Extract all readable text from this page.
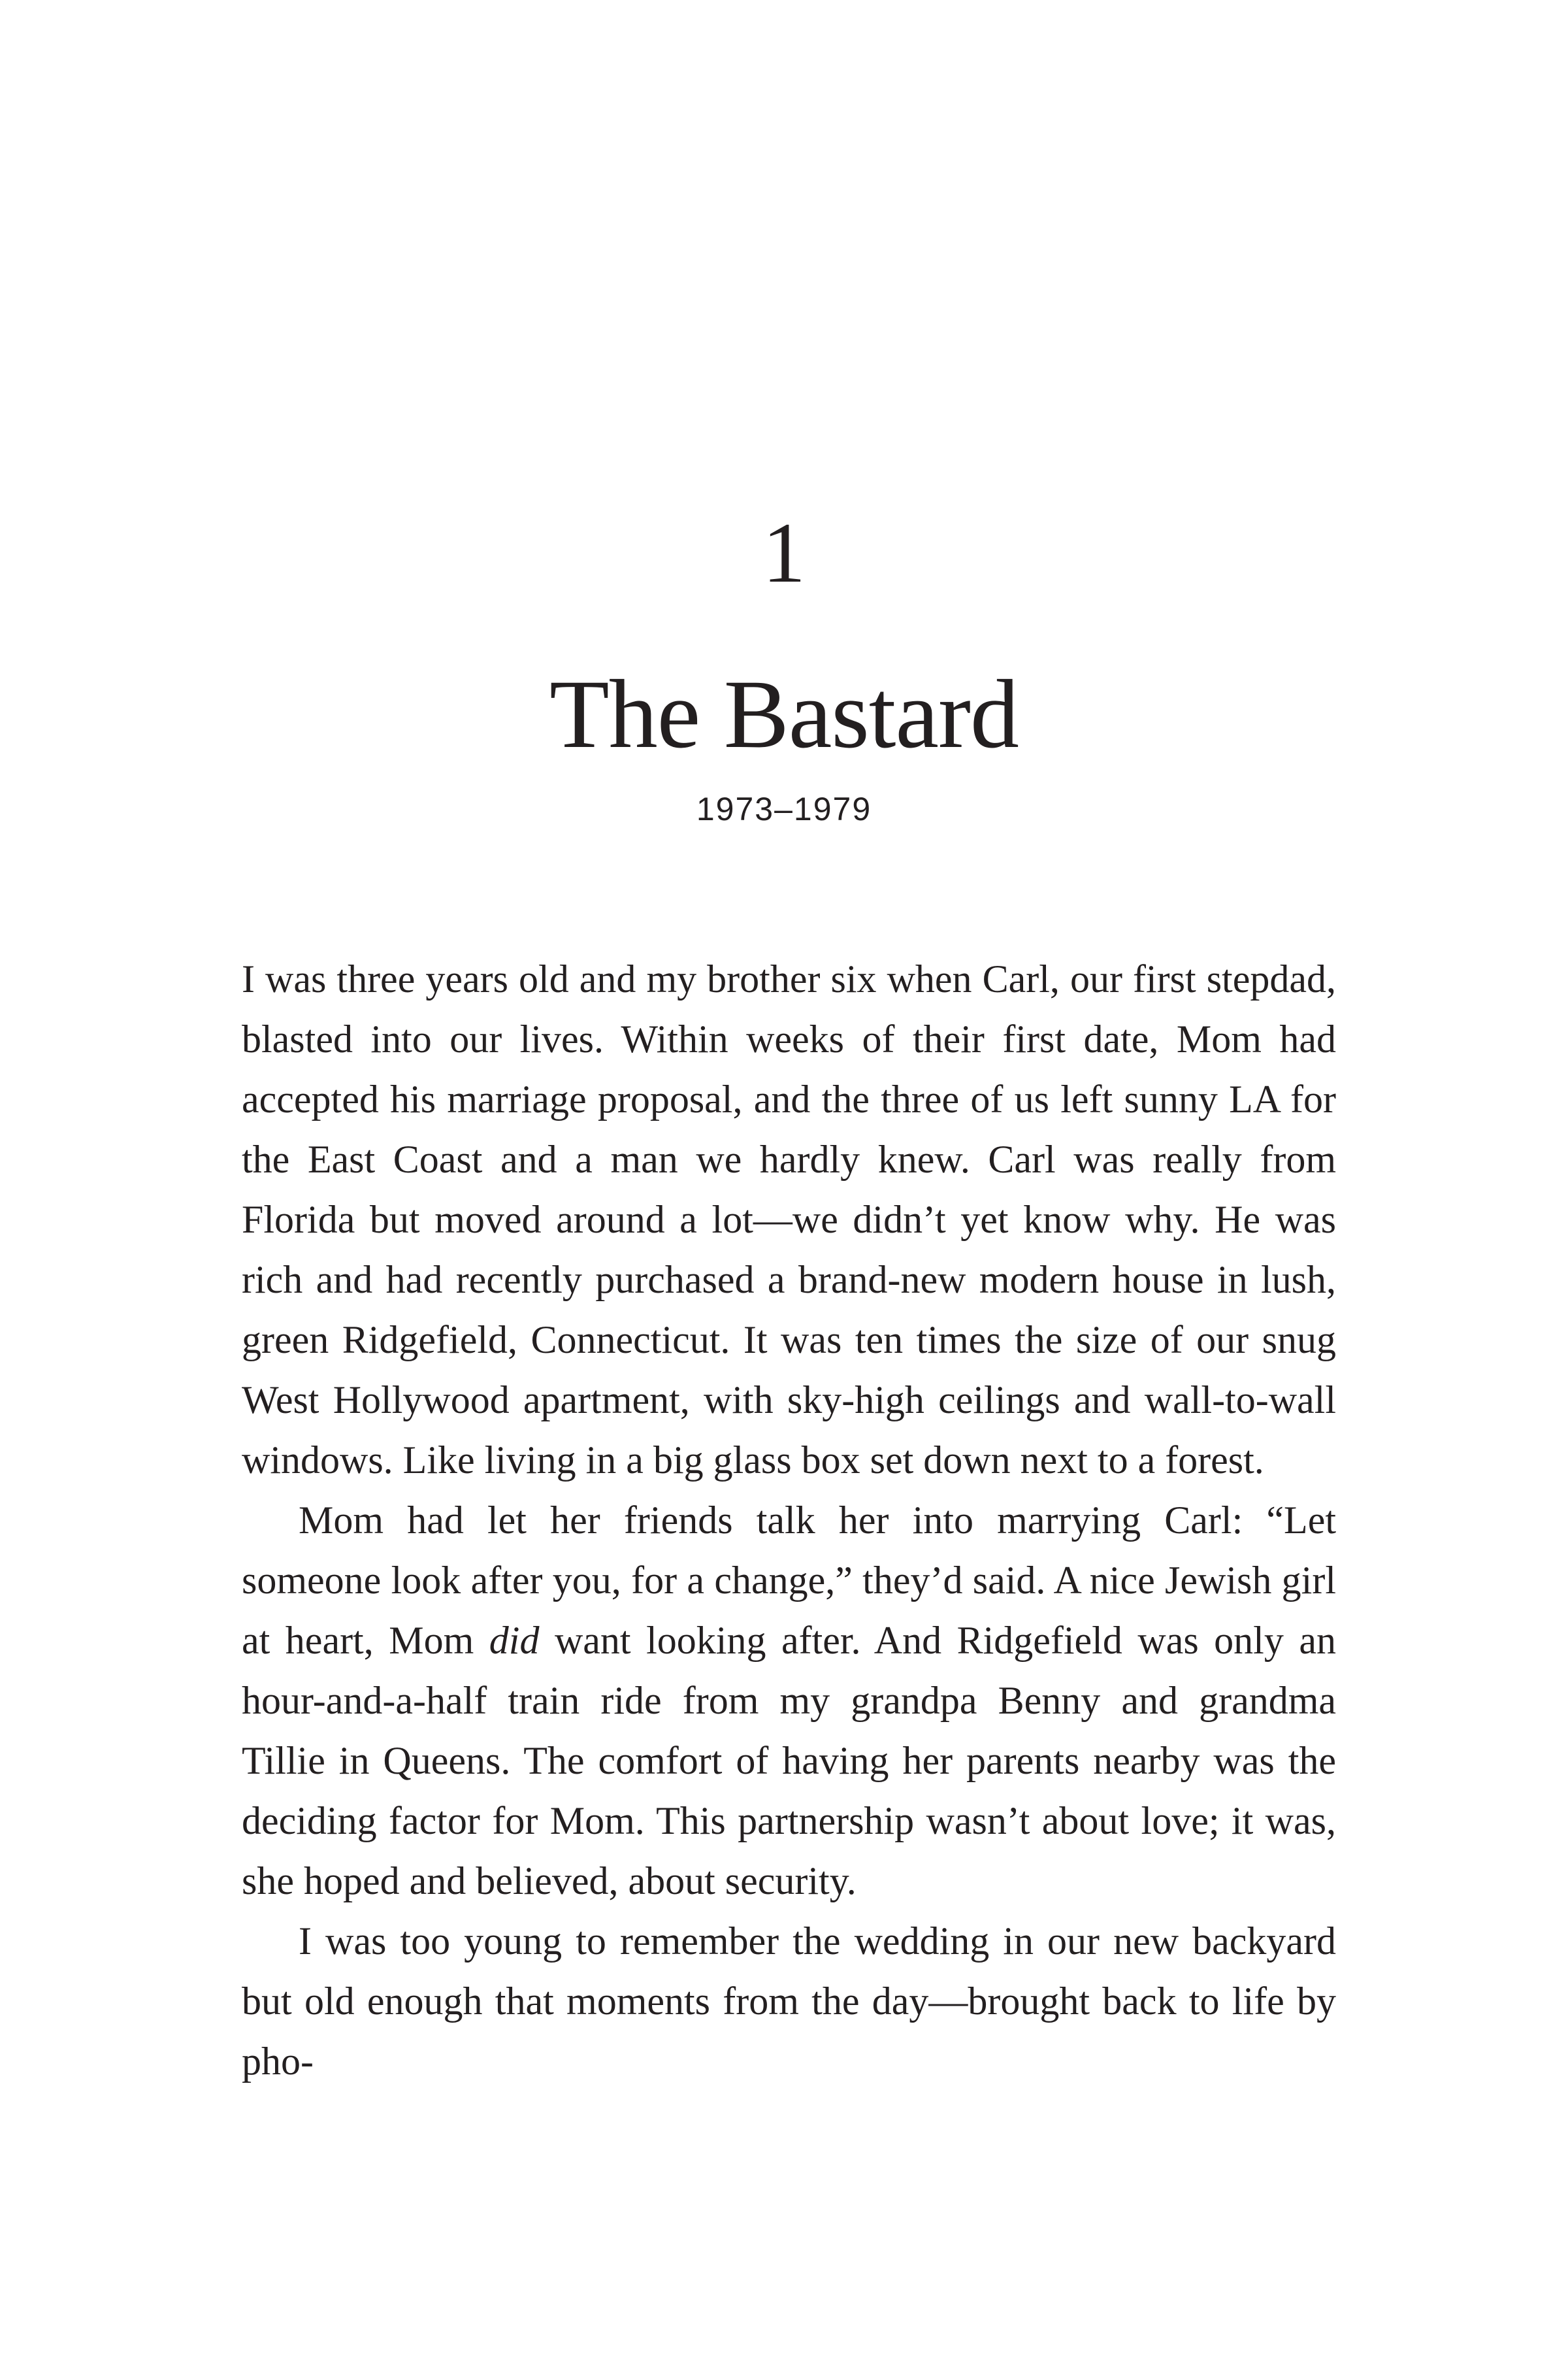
1
The Bastard
1973–1979

I was three years old and my brother six when Carl, our first stepdad, blasted into our lives. Within weeks of their first date, Mom had accepted his marriage proposal, and the three of us left sunny LA for the East Coast and a man we hardly knew. Carl was really from Florida but moved around a lot—we didn’t yet know why. He was rich and had recently purchased a brand-new modern house in lush, green Ridgefield, Connecticut. It was ten times the size of our snug West Hollywood apartment, with sky-high ceilings and wall-to-wall windows. Like living in a big glass box set down next to a forest.

Mom had let her friends talk her into marrying Carl: “Let someone look after you, for a change,” they’d said. A nice Jewish girl at heart, Mom did want looking after. And Ridgefield was only an hour-and-a-half train ride from my grandpa Benny and grandma Tillie in Queens. The comfort of having her parents nearby was the deciding factor for Mom. This partnership wasn’t about love; it was, she hoped and believed, about security.

I was too young to remember the wedding in our new backyard but old enough that moments from the day—brought back to life by pho-
